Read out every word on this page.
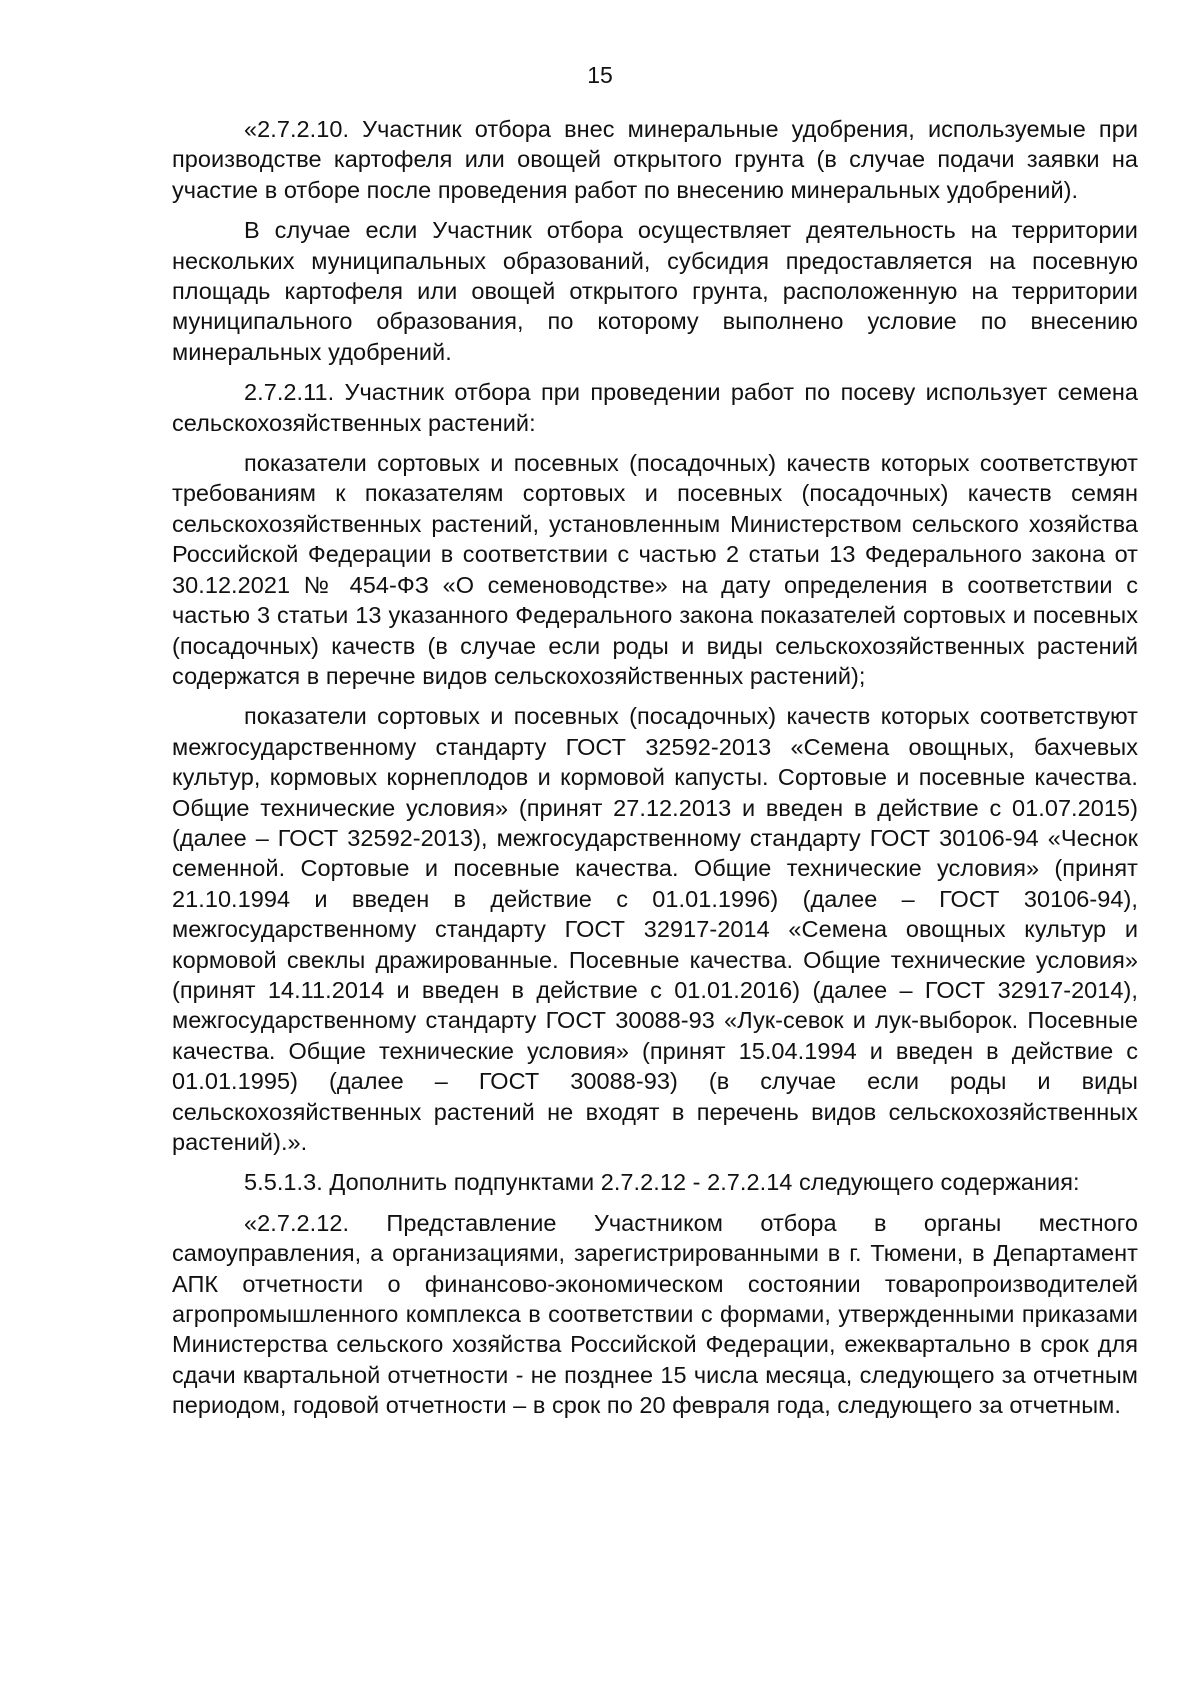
15

«2.7.2.10. Участник отбора внес минеральные удобрения, используемые при производстве картофеля или овощей открытого грунта (в случае подачи заявки на участие в отборе после проведения работ по внесению минеральных удобрений).

В случае если Участник отбора осуществляет деятельность на территории нескольких муниципальных образований, субсидия предоставляется на посевную площадь картофеля или овощей открытого грунта, расположенную на территории муниципального образования, по которому выполнено условие по внесению минеральных удобрений.

2.7.2.11. Участник отбора при проведении работ по посеву использует семена сельскохозяйственных растений:

показатели сортовых и посевных (посадочных) качеств которых соответствуют требованиям к показателям сортовых и посевных (посадочных) качеств семян сельскохозяйственных растений, установленным Министерством сельского хозяйства Российской Федерации в соответствии с частью 2 статьи 13 Федерального закона от 30.12.2021 № 454-ФЗ «О семеноводстве» на дату определения в соответствии с частью 3 статьи 13 указанного Федерального закона показателей сортовых и посевных (посадочных) качеств (в случае если роды и виды сельскохозяйственных растений содержатся в перечне видов сельскохозяйственных растений);

показатели сортовых и посевных (посадочных) качеств которых соответствуют межгосударственному стандарту ГОСТ 32592-2013 «Семена овощных, бахчевых культур, кормовых корнеплодов и кормовой капусты. Сортовые и посевные качества. Общие технические условия» (принят 27.12.2013 и введен в действие с 01.07.2015) (далее – ГОСТ 32592-2013), межгосударственному стандарту ГОСТ 30106-94 «Чеснок семенной. Сортовые и посевные качества. Общие технические условия» (принят 21.10.1994 и введен в действие с 01.01.1996) (далее – ГОСТ 30106-94), межгосударственному стандарту ГОСТ 32917-2014 «Семена овощных культур и кормовой свеклы дражированные. Посевные качества. Общие технические условия» (принят 14.11.2014 и введен в действие с 01.01.2016) (далее – ГОСТ 32917-2014), межгосударственному стандарту ГОСТ 30088-93 «Лук-севок и лук-выборок. Посевные качества. Общие технические условия» (принят 15.04.1994 и введен в действие с 01.01.1995) (далее – ГОСТ 30088-93) (в случае если роды и виды сельскохозяйственных растений не входят в перечень видов сельскохозяйственных растений).».

5.5.1.3. Дополнить подпунктами 2.7.2.12 - 2.7.2.14 следующего содержания:

«2.7.2.12. Представление Участником отбора в органы местного самоуправления, а организациями, зарегистрированными в г. Тюмени, в Департамент АПК отчетности о финансово-экономическом состоянии товаропроизводителей агропромышленного комплекса в соответствии с формами, утвержденными приказами Министерства сельского хозяйства Российской Федерации, ежеквартально в срок для сдачи квартальной отчетности - не позднее 15 числа месяца, следующего за отчетным периодом, годовой отчетности – в срок по 20 февраля года, следующего за отчетным.
